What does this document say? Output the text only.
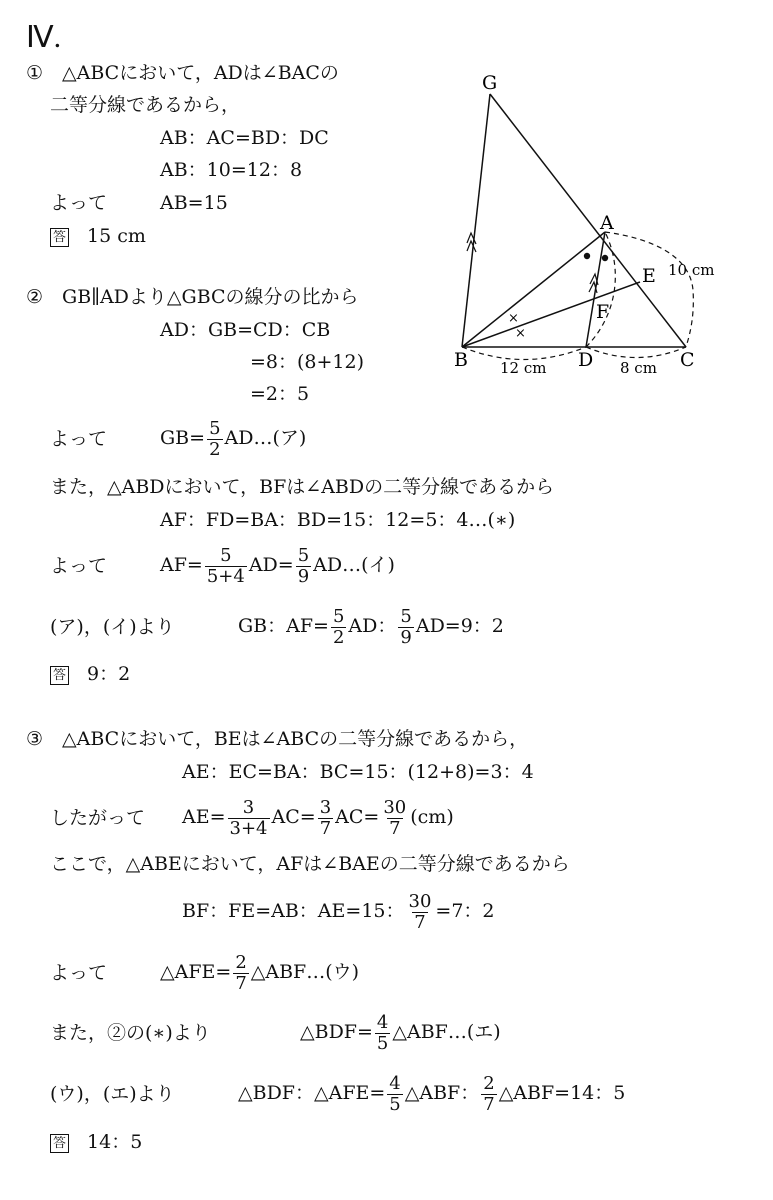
Ⅳ.
①　△ABCにおいて，ADは∠BACの
二等分線であるから，
AB：AC=BD：DC
AB：10=12：8
よって	AB=15
答 15 cm
②　GB∥ADより△GBCの線分の比から
AD：GB=CD：CB
=8：(8+12)
=2：5
よって	$GB= \frac{5}{2}$ AD…(ア)
また，△ABDにおいて，BFは∠ABDの二等分線であるから
AF：FD=BA：BD=15：12=5：4…(∗)
よって	$AF= \frac{5}{5+4} AD= \frac{5}{9}$ AD…(イ)
(ア)，(イ)より	GB：$AF= \frac{5}{2}$ AD： $\frac{5}{9} AD=9$：2
答 9：2
③　△ABCにおいて，BEは∠ABCの二等分線であるから，
AE：EC=BA：BC=15：(12+8)=3：4
したがって $AE= \frac{3}{3+4} AC= \frac{3}{7} AC= \frac{30}{7} (cm)$
ここで，△ABEにおいて，AFは∠BAEの二等分線であるから
BF：FE=AB：AE=15： $\frac{30}{7} =7$：2
よって	△AFE= $\frac{2}{7}$ △ABF…(ウ)
また，②の(∗)より	△BDF= $\frac{4}{5}$ △ABF…(エ)
(ウ)，(エ)より	△BDF：△AFE= $\frac{4}{5}$ △ABF： $\frac{2}{7}$ △ABF=14：5
答 14：5
×
×
G
A
E
F
B	D	C
10 cm
12 cm	8 cm
